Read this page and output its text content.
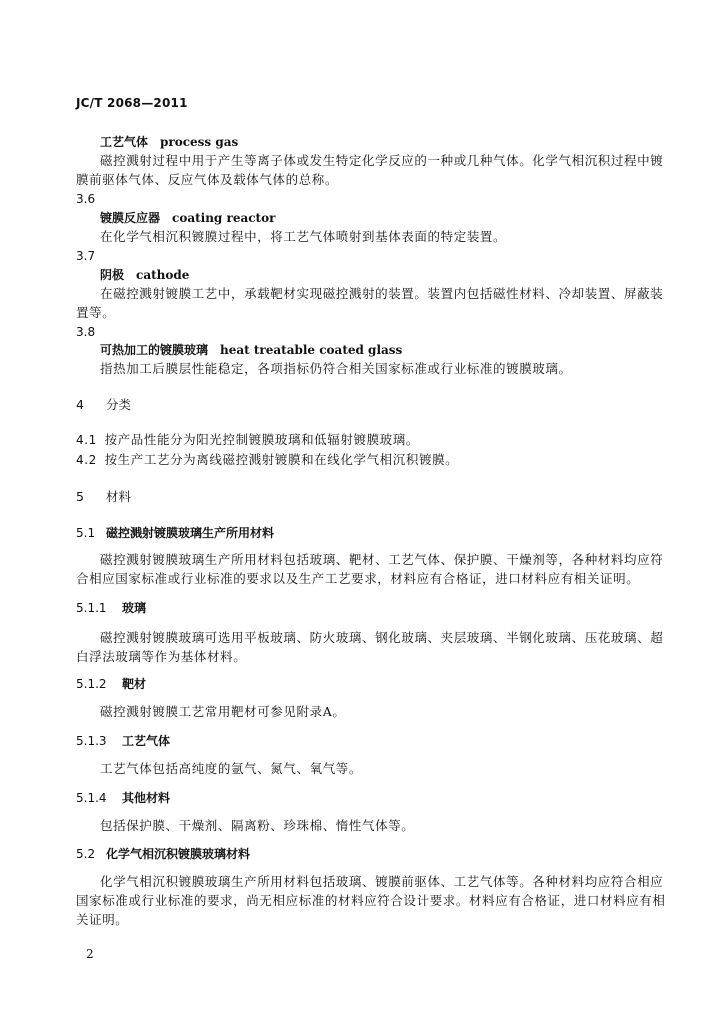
JC/T 2068—2011
工艺气体 process gas
磁控溅射过程中用于产生等离子体或发生特定化学反应的一种或几种气体。化学气相沉积过程中镀
膜前驱体气体、反应气体及载体气体的总称。
3.6
镀膜反应器 coating reactor
在化学气相沉积镀膜过程中，将工艺气体喷射到基体表面的特定装置。
3.7
阴极 cathode
在磁控溅射镀膜工艺中，承载靶材实现磁控溅射的装置。装置内包括磁性材料、冷却装置、屏蔽装
置等。
3.8
可热加工的镀膜玻璃 heat treatable coated glass
指热加工后膜层性能稳定，各项指标仍符合相关国家标准或行业标准的镀膜玻璃。
4 分类
4.1 按产品性能分为阳光控制镀膜玻璃和低辐射镀膜玻璃。
4.2 按生产工艺分为离线磁控溅射镀膜和在线化学气相沉积镀膜。
5 材料
5.1 磁控溅射镀膜玻璃生产所用材料
磁控溅射镀膜玻璃生产所用材料包括玻璃、靶材、工艺气体、保护膜、干燥剂等，各种材料均应符
合相应国家标准或行业标准的要求以及生产工艺要求，材料应有合格证，进口材料应有相关证明。
5.1.1 玻璃
磁控溅射镀膜玻璃可选用平板玻璃、防火玻璃、钢化玻璃、夹层玻璃、半钢化玻璃、压花玻璃、超
白浮法玻璃等作为基体材料。
5.1.2 靶材
磁控溅射镀膜工艺常用靶材可参见附录A。
5.1.3 工艺气体
工艺气体包括高纯度的氩气、氮气、氧气等。
5.1.4 其他材料
包括保护膜、干燥剂、隔离粉、珍珠棉、惰性气体等。
5.2 化学气相沉积镀膜玻璃材料
化学气相沉积镀膜玻璃生产所用材料包括玻璃、镀膜前驱体、工艺气体等。各种材料均应符合相应
国家标准或行业标准的要求，尚无相应标准的材料应符合设计要求。材料应有合格证，进口材料应有相
关证明。
2
